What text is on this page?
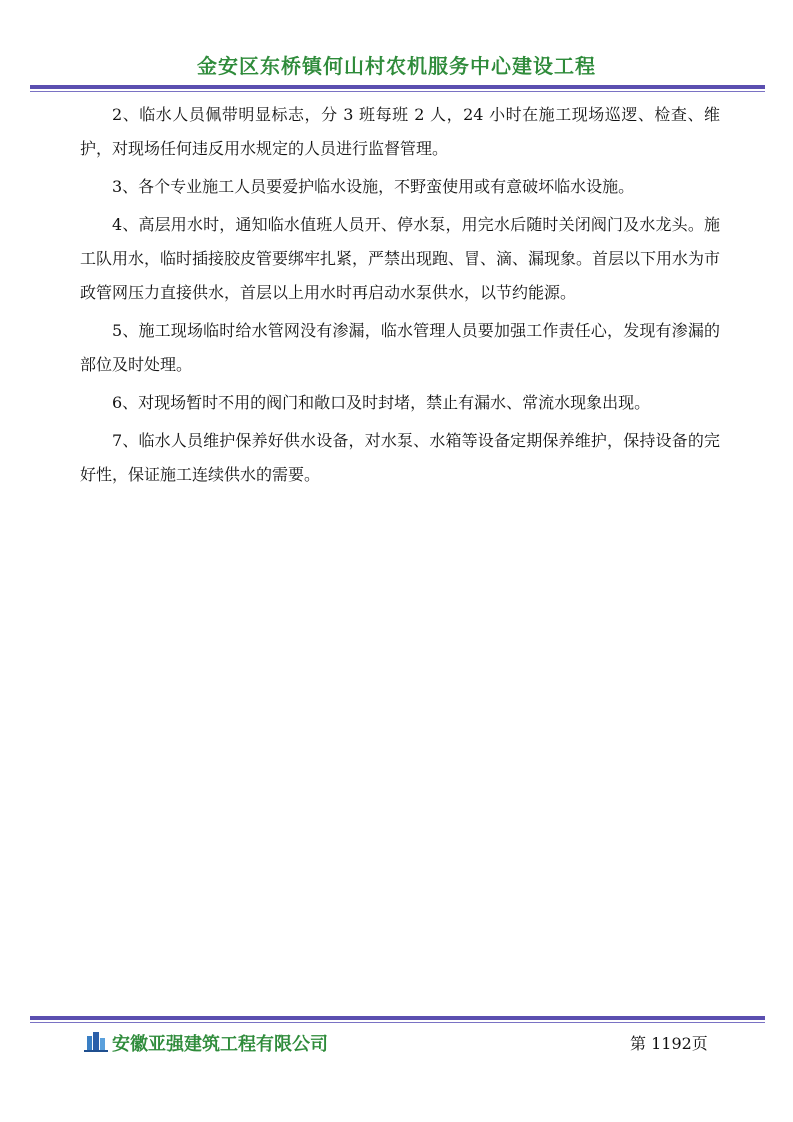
金安区东桥镇何山村农机服务中心建设工程

2、临水人员佩带明显标志，分 3 班每班 2 人，24 小时在施工现场巡逻、检查、维护，对现场任何违反用水规定的人员进行监督管理。

3、各个专业施工人员要爱护临水设施，不野蛮使用或有意破坏临水设施。

4、高层用水时，通知临水值班人员开、停水泵，用完水后随时关闭阀门及水龙头。施工队用水，临时插接胶皮管要绑牢扎紧，严禁出现跑、冒、滴、漏现象。首层以下用水为市政管网压力直接供水，首层以上用水时再启动水泵供水，以节约能源。

5、施工现场临时给水管网没有渗漏，临水管理人员要加强工作责任心，发现有渗漏的部位及时处理。

6、对现场暂时不用的阀门和敞口及时封堵，禁止有漏水、常流水现象出现。

7、临水人员维护保养好供水设备，对水泵、水箱等设备定期保养维护，保持设备的完好性，保证施工连续供水的需要。

安徽亚强建筑工程有限公司	第 1192页
